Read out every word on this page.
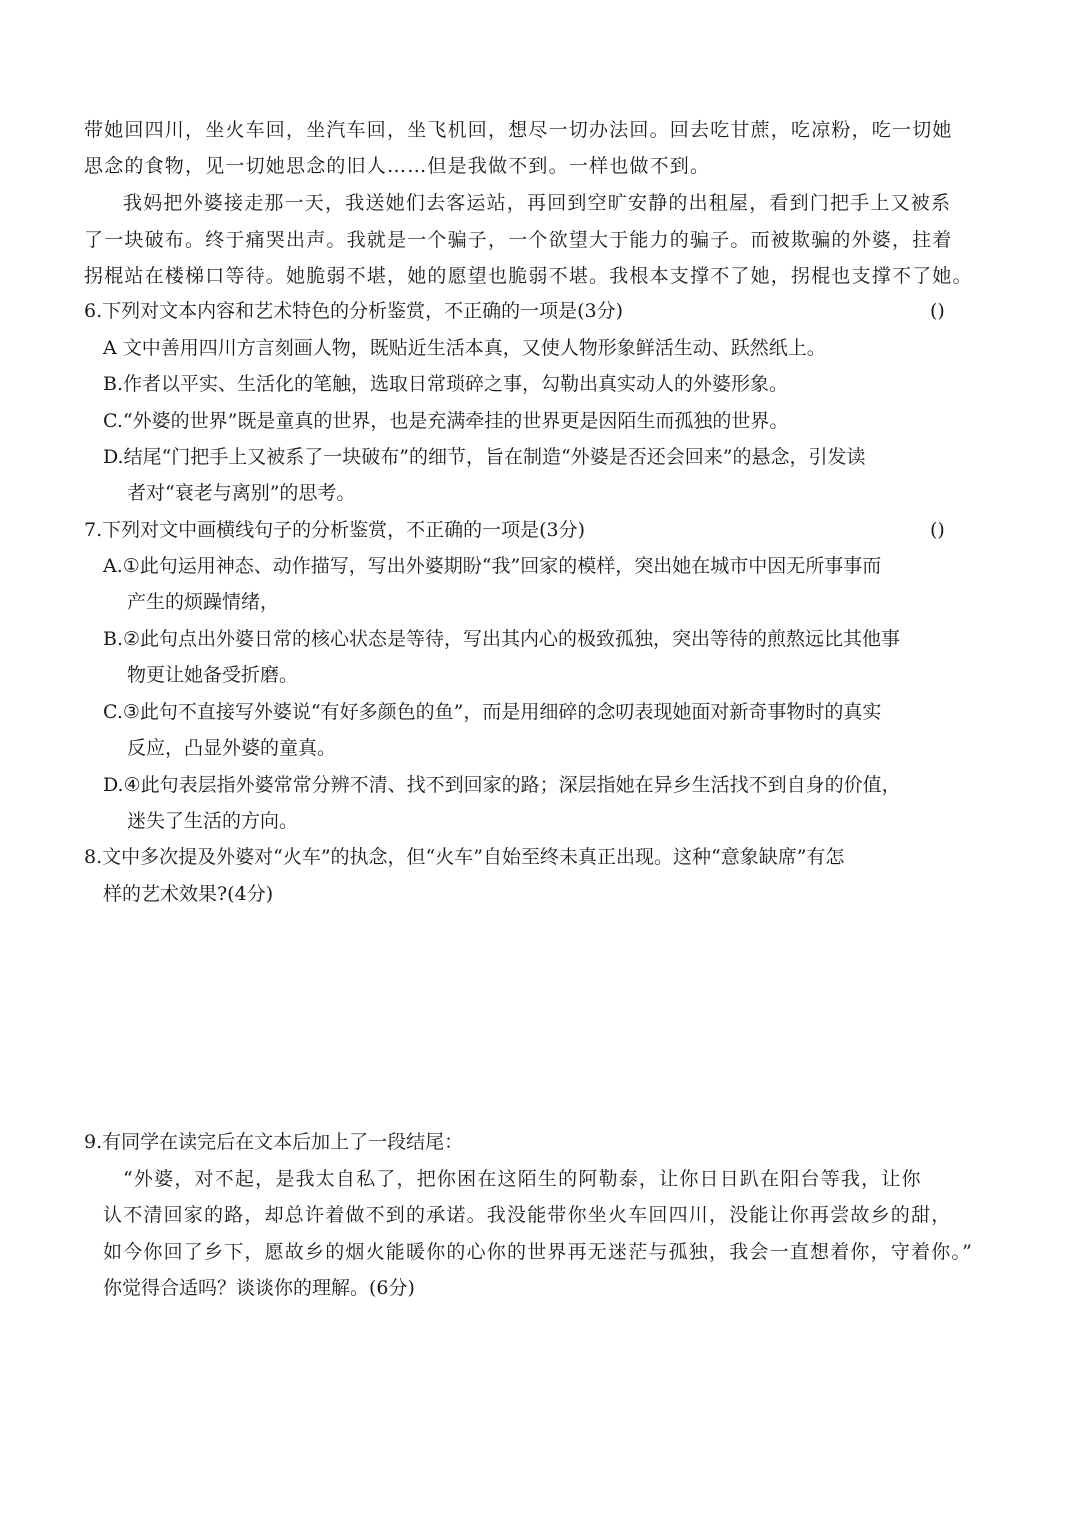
带她回四川，坐火车回，坐汽车回，坐飞机回，想尽一切办法回。回去吃甘蔗，吃凉粉，吃一切她
思念的食物，见一切她思念的旧人……但是我做不到。一样也做不到。
我妈把外婆接走那一天，我送她们去客运站，再回到空旷安静的出租屋，看到门把手上又被系
了一块破布。终于痛哭出声。我就是一个骗子，一个欲望大于能力的骗子。而被欺骗的外婆，拄着
拐棍站在楼梯口等待。她脆弱不堪，她的愿望也脆弱不堪。我根本支撑不了她，拐棍也支撑不了她。
6.下列对文本内容和艺术特色的分析鉴赏，不正确的一项是(3分)	()
A 文中善用四川方言刻画人物，既贴近生活本真，又使人物形象鲜活生动、跃然纸上。
B.作者以平实、生活化的笔触，选取日常琐碎之事，勾勒出真实动人的外婆形象。
C.“外婆的世界”既是童真的世界，也是充满牵挂的世界更是因陌生而孤独的世界。
D.结尾“门把手上又被系了一块破布”的细节，旨在制造“外婆是否还会回来”的悬念，引发读
者对“衰老与离别”的思考。
7.下列对文中画横线句子的分析鉴赏，不正确的一项是(3分)	()
A.①此句运用神态、动作描写，写出外婆期盼“我”回家的模样，突出她在城市中因无所事事而
产生的烦躁情绪，
B.②此句点出外婆日常的核心状态是等待，写出其内心的极致孤独，突出等待的煎熬远比其他事
物更让她备受折磨。
C.③此句不直接写外婆说“有好多颜色的鱼”，而是用细碎的念叨表现她面对新奇事物时的真实
反应，凸显外婆的童真。
D.④此句表层指外婆常常分辨不清、找不到回家的路；深层指她在异乡生活找不到自身的价值，
迷失了生活的方向。
8.文中多次提及外婆对“火车”的执念，但“火车”自始至终未真正出现。这种“意象缺席”有怎
样的艺术效果?(4分)
9.有同学在读完后在文本后加上了一段结尾：
“外婆，对不起，是我太自私了，把你困在这陌生的阿勒泰，让你日日趴在阳台等我，让你
认不清回家的路，却总许着做不到的承诺。我没能带你坐火车回四川，没能让你再尝故乡的甜，
如今你回了乡下，愿故乡的烟火能暖你的心你的世界再无迷茫与孤独，我会一直想着你，守着你。”
你觉得合适吗？谈谈你的理解。(6分)
